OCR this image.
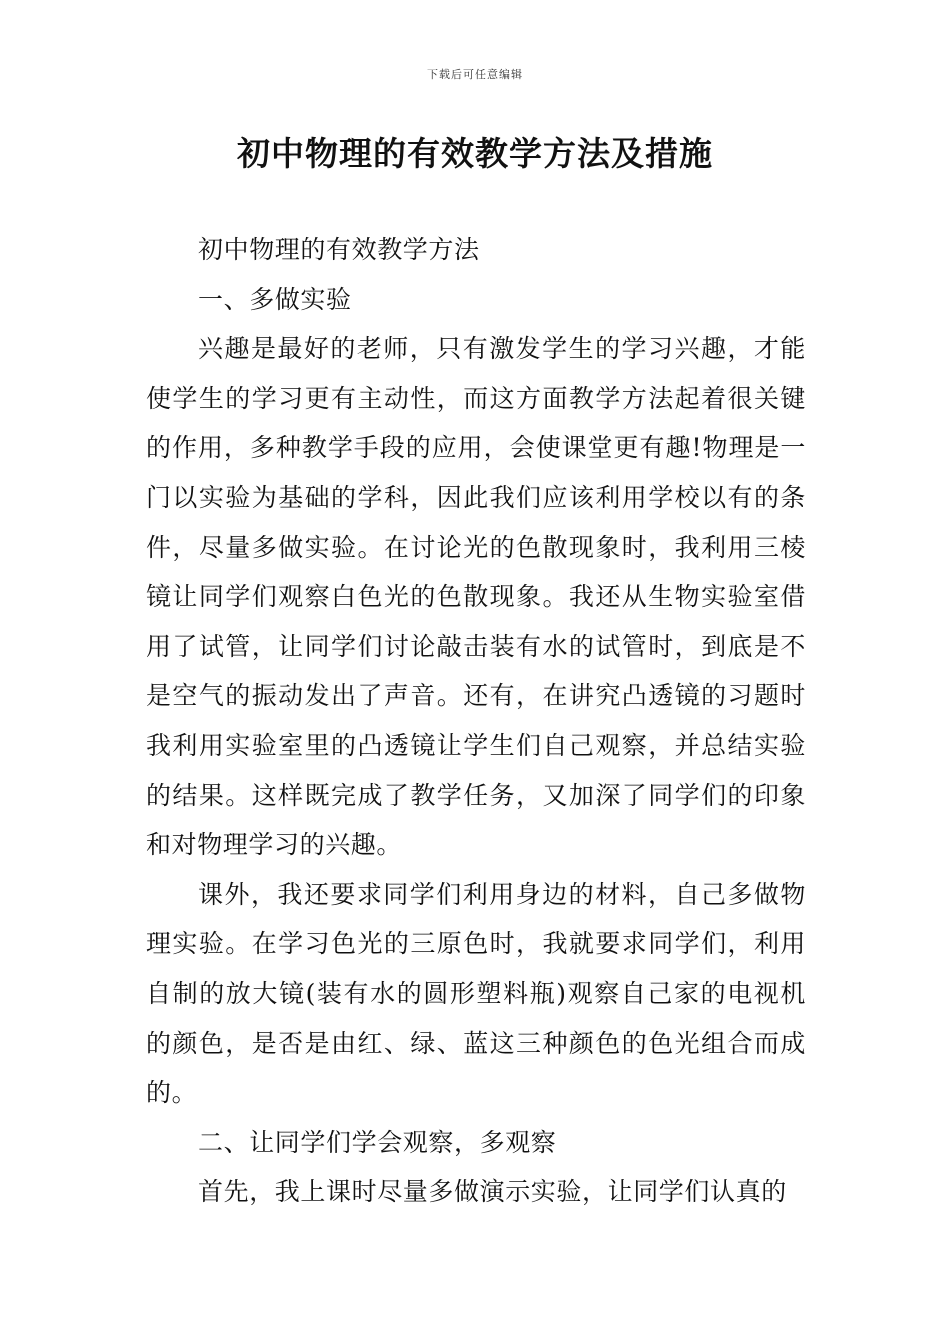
下载后可任意编辑
初中物理的有效教学方法及措施

初中物理的有效教学方法

一、多做实验

兴趣是最好的老师，只有激发学生的学习兴趣，才能使学生的学习更有主动性，而这方面教学方法起着很关键的作用，多种教学手段的应用，会使课堂更有趣!物理是一门以实验为基础的学科，因此我们应该利用学校以有的条件，尽量多做实验。在讨论光的色散现象时，我利用三棱镜让同学们观察白色光的色散现象。我还从生物实验室借用了试管，让同学们讨论敲击装有水的试管时，到底是不是空气的振动发出了声音。还有，在讲究凸透镜的习题时我利用实验室里的凸透镜让学生们自己观察，并总结实验的结果。这样既完成了教学任务，又加深了同学们的印象和对物理学习的兴趣。

课外，我还要求同学们利用身边的材料，自己多做物理实验。在学习色光的三原色时，我就要求同学们，利用自制的放大镜(装有水的圆形塑料瓶)观察自己家的电视机的颜色，是否是由红、绿、蓝这三种颜色的色光组合而成的。

二、让同学们学会观察，多观察

首先，我上课时尽量多做演示实验，让同学们认真的
